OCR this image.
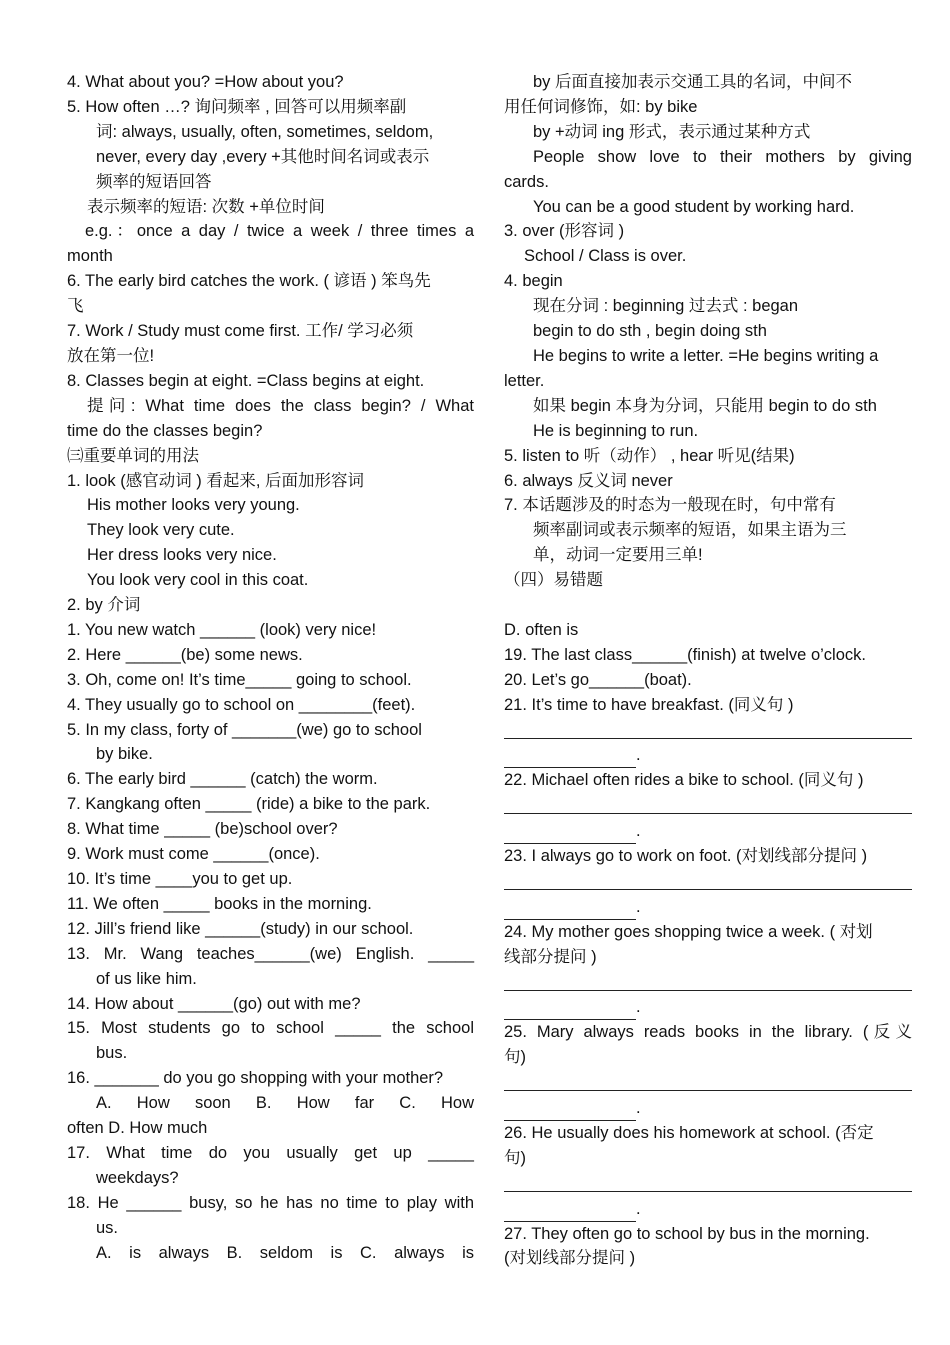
4. What about you? =How about you?
5. How often …? 询问频率 , 回答可以用频率副
词: always, usually, often, sometimes, seldom,
never, every day ,every +其他时间名词或表示
频率的短语回答
表示频率的短语: 次数 +单位时间
e.g.：once a day / twice a week / three times a
month
6. The early bird catches the work. ( 谚语 ) 笨鸟先
飞
7. Work / Study must come first. 工作/ 学习必须
放在第一位!
8. Classes begin at eight. =Class begins at eight.
提问: What time does the class begin? / What
time do the classes begin?
㈢重要单词的用法
1. look (感官动词 ) 看起来, 后面加形容词
His mother looks very young.
They look very cute.
Her dress looks very nice.
You look very cool in this coat.
2. by 介词
1. You new watch ______ (look) very nice!
2. Here ______(be) some news.
3. Oh, come on! It’s time_____ going to school.
4. They usually go to school on ________(feet).
5. In my class, forty of _______(we) go to school
by bike.
6. The early bird ______ (catch) the worm.
7. Kangkang often _____ (ride) a bike to the park.
8. What time _____ (be)school over?
9. Work must come ______(once).
10. It’s time ____you to get up.
11. We often _____ books in the morning.
12. Jill’s friend like ______(study) in our school.
13. Mr. Wang teaches______(we) English. _____
of us like him.
14. How about ______(go) out with me?
15. Most students go to school _____ the school
bus.
16. _______ do you go shopping with your mother?
A. How soon B. How far C. How
often D. How much
17. What time do you usually get up _____
weekdays?
18. He ______ busy, so he has no time to play with
us.
A. is always B. seldom is C. always is
by 后面直接加表示交通工具的名词，中间不
用任何词修饰，如: by bike
by +动词 ing 形式，表示通过某种方式
People show love to their mothers by giving
cards.
You can be a good student by working hard.
3. over (形容词 )
School / Class is over.
4. begin
现在分词 : beginning 过去式 : began
begin to do sth , begin doing sth
He begins to write a letter. =He begins writing a
letter.
如果 begin 本身为分词，只能用 begin to do sth
He is beginning to run.
5. listen to 听（动作） , hear 听见(结果)
6. always 反义词 never
7. 本话题涉及的时态为一般现在时，句中常有
频率副词或表示频率的短语，如果主语为三
单，动词一定要用三单!
（四）易错题
D. often is
19. The last class______(finish) at twelve o’clock.
20. Let’s go______(boat).
21. It’s time to have breakfast. (同义句 )
.
22. Michael often rides a bike to school. (同义句 )
.
23. I always go to work on foot. (对划线部分提问 )
.
24. My mother goes shopping twice a week. ( 对划
线部分提问 )
.
25. Mary always reads books in the library. (反义
句)
.
26. He usually does his homework at school. (否定
句)
.
27. They often go to school by bus in the morning.
(对划线部分提问 )
